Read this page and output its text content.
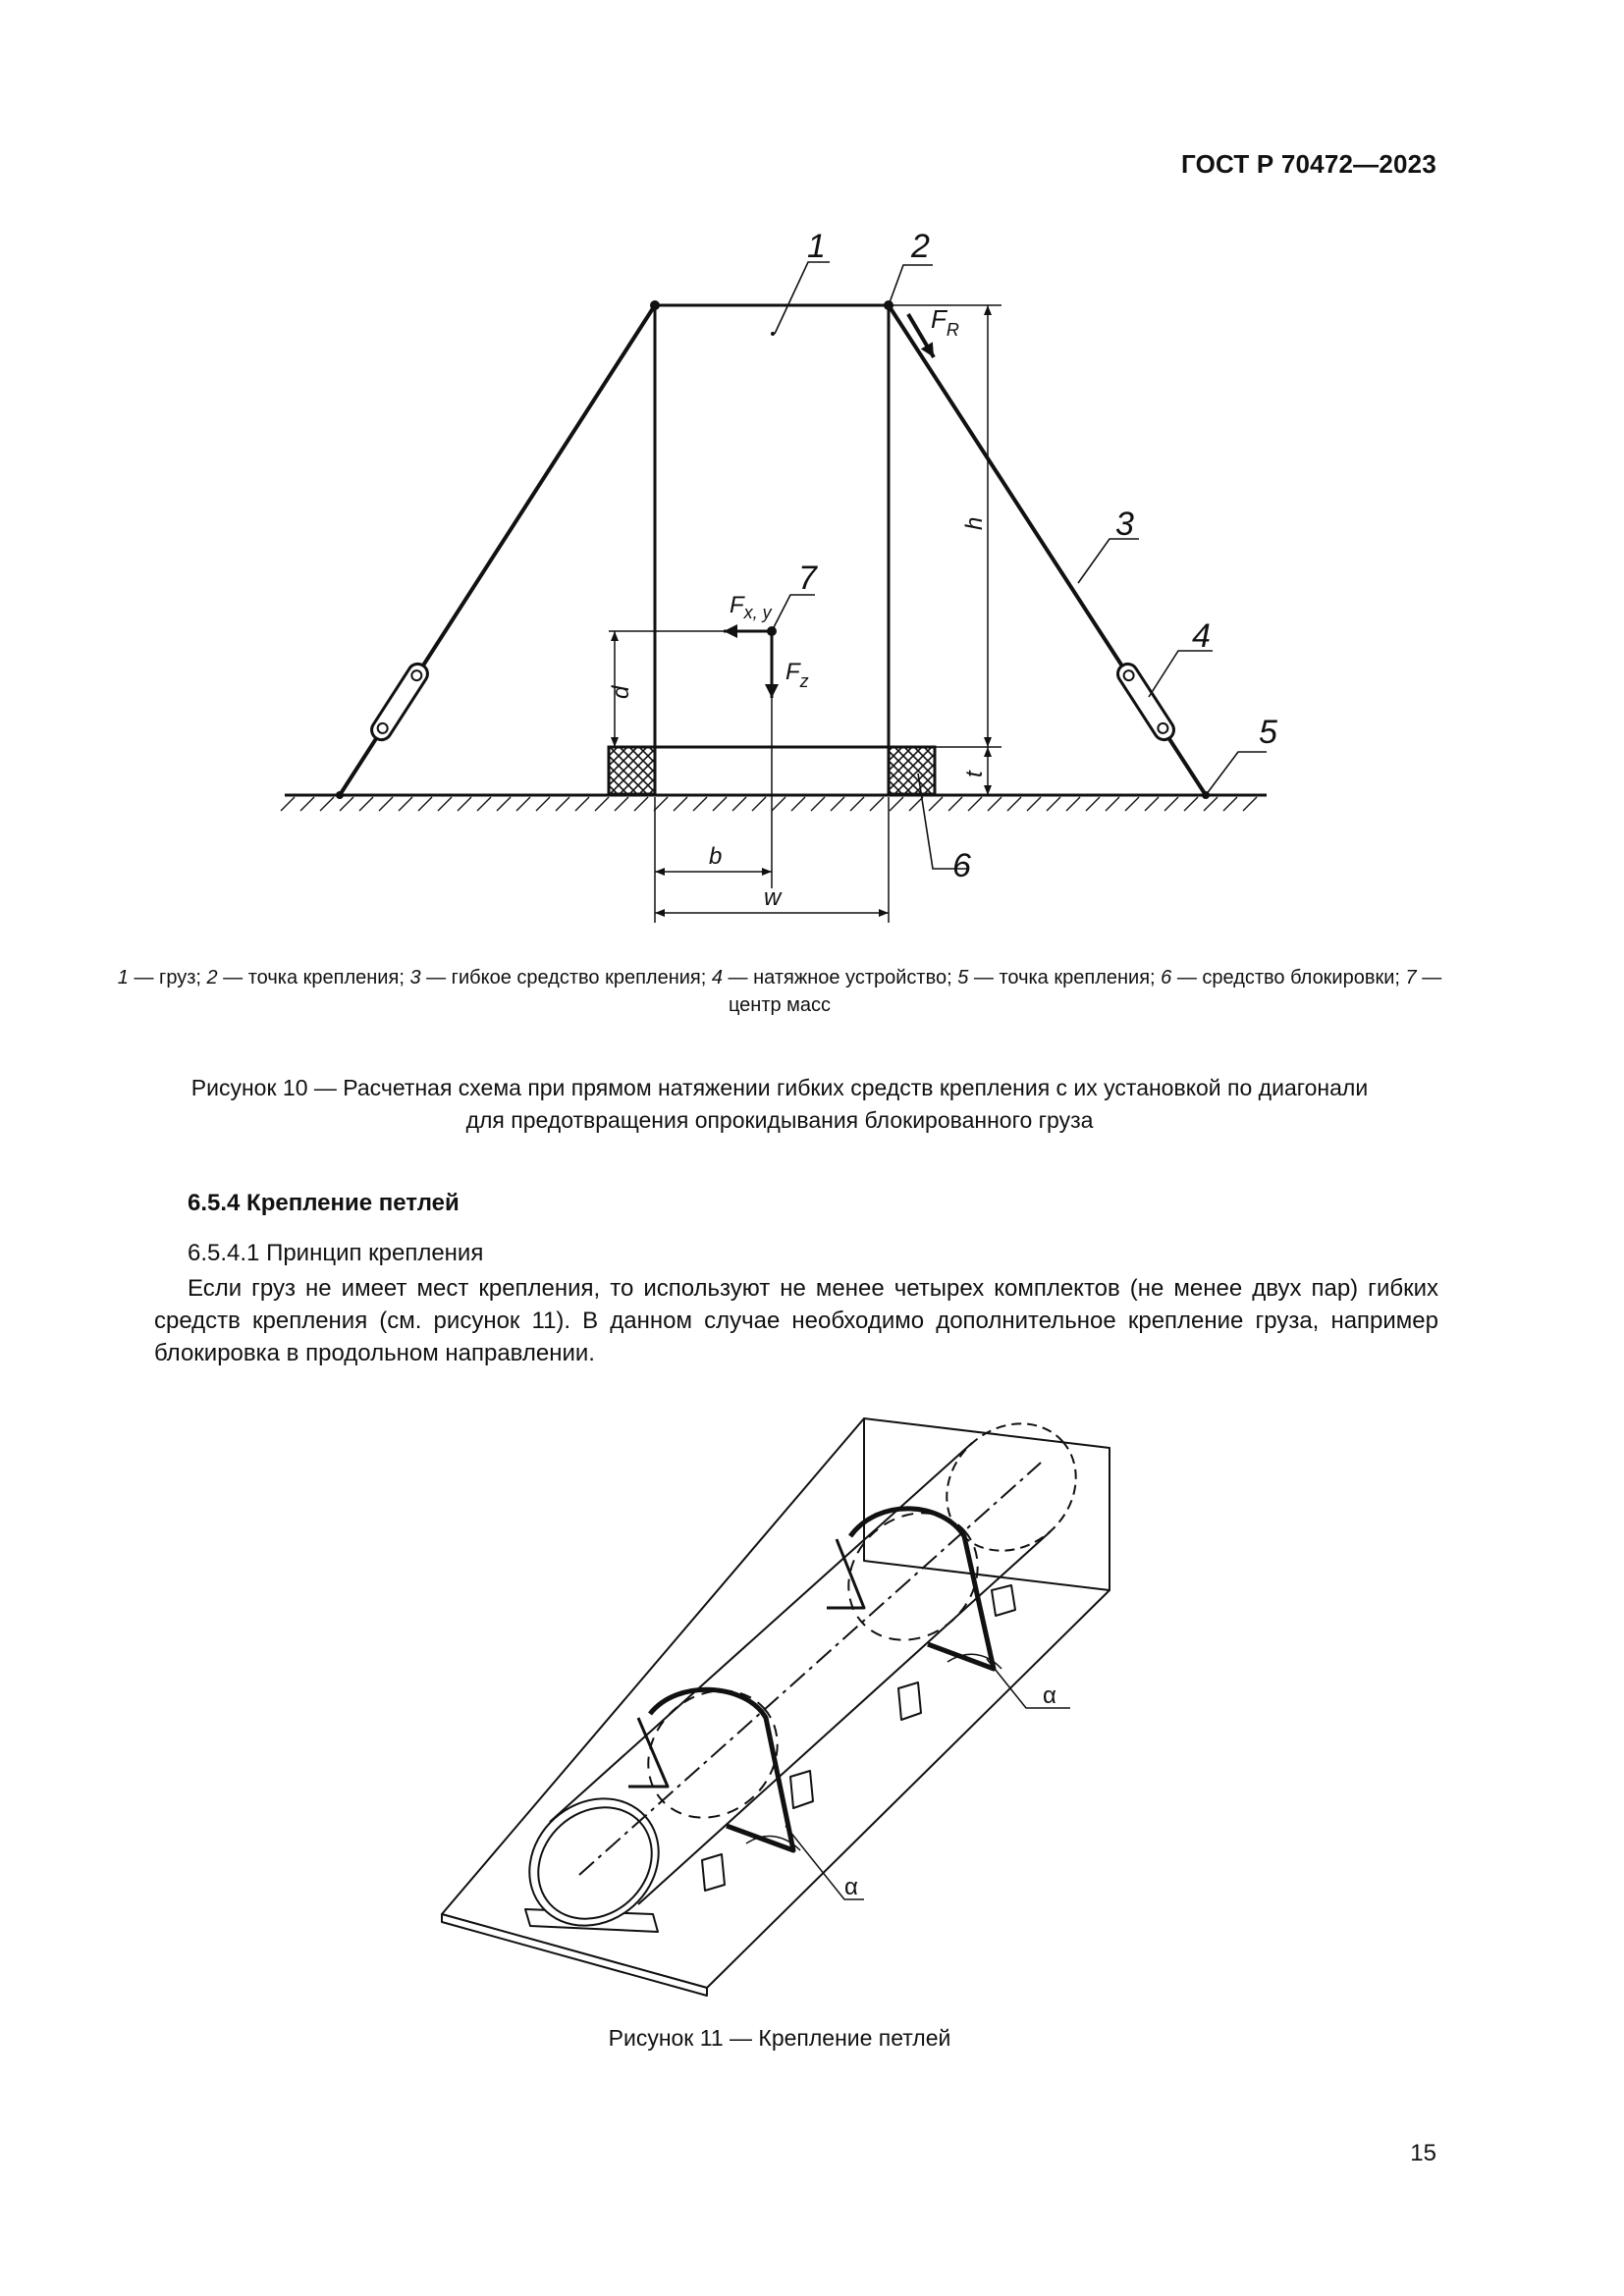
ГОСТ Р 70472—2023
1	2
3
4
5
6
7
$F_R$
$F_{x, y}$
$F_z$
h
t
d
b
w
1 — груз; 2 — точка крепления; 3 — гибкое средство крепления; 4 — натяжное устройство; 5 — точка крепления; 6 — средство блокировки; 7 — центр масс
Рисунок 10 — Расчетная схема при прямом натяжении гибких средств крепления с их установкой по диагонали
для предотвращения опрокидывания блокированного груза
6.5.4 Крепление петлей
6.5.4.1 Принцип крепления
Если груз не имеет мест крепления, то используют не менее четырех комплектов (не менее двух пар) гибких средств крепления (см. рисунок 11). В данном случае необходимо дополнительное крепление груза, например блокировка в продольном направлении.
α
α
Рисунок 11 — Крепление петлей
15
